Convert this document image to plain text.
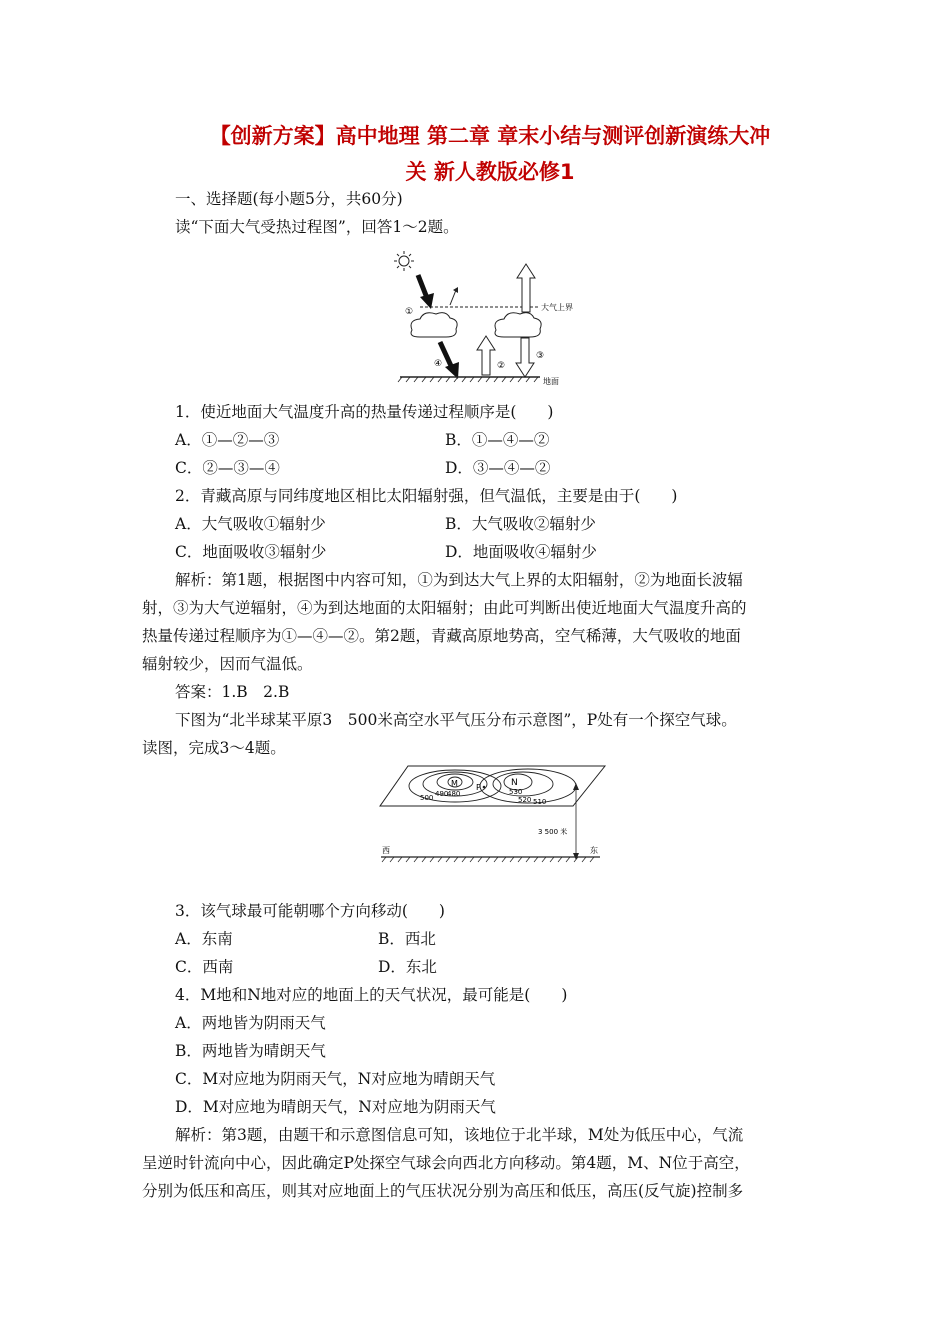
【创新方案】高中地理 第二章 章末小结与测评创新演练大冲
关 新人教版必修1
一、选择题(每小题5分，共60分)
读“下面大气受热过程图”，回答1～2题。
①
④	②
③
大气上界
地面
1．使近地面大气温度升高的热量传递过程顺序是(　　)
A．①—②—③	B．①—④—②
C．②—③—④	D．③—④—②
2．青藏高原与同纬度地区相比太阳辐射强，但气温低，主要是由于(　　)
A．大气吸收①辐射少	B．大气吸收②辐射少
C．地面吸收③辐射少	D．地面吸收④辐射少
解析：第1题，根据图中内容可知，①为到达大气上界的太阳辐射，②为地面长波辐
射，③为大气逆辐射，④为到达地面的太阳辐射；由此可判断出使近地面大气温度升高的
热量传递过程顺序为①—④—②。第2题，青藏高原地势高，空气稀薄，大气吸收的地面
辐射较少，因而气温低。
答案：1.B　2.B
下图为“北半球某平原3　500米高空水平气压分布示意图”，P处有一个探空气球。
读图，完成3～4题。
M	N
P
500 490
480	530
520 510
3 500 米
西	东
3．该气球最可能朝哪个方向移动(　　)
A．东南	B．西北
C．西南	D．东北
4．M地和N地对应的地面上的天气状况，最可能是(　　)
A．两地皆为阴雨天气
B．两地皆为晴朗天气
C．M对应地为阴雨天气，N对应地为晴朗天气
D．M对应地为晴朗天气，N对应地为阴雨天气
解析：第3题，由题干和示意图信息可知，该地位于北半球，M处为低压中心，气流
呈逆时针流向中心，因此确定P处探空气球会向西北方向移动。第4题，M、N位于高空，
分别为低压和高压，则其对应地面上的气压状况分别为高压和低压，高压(反气旋)控制多
